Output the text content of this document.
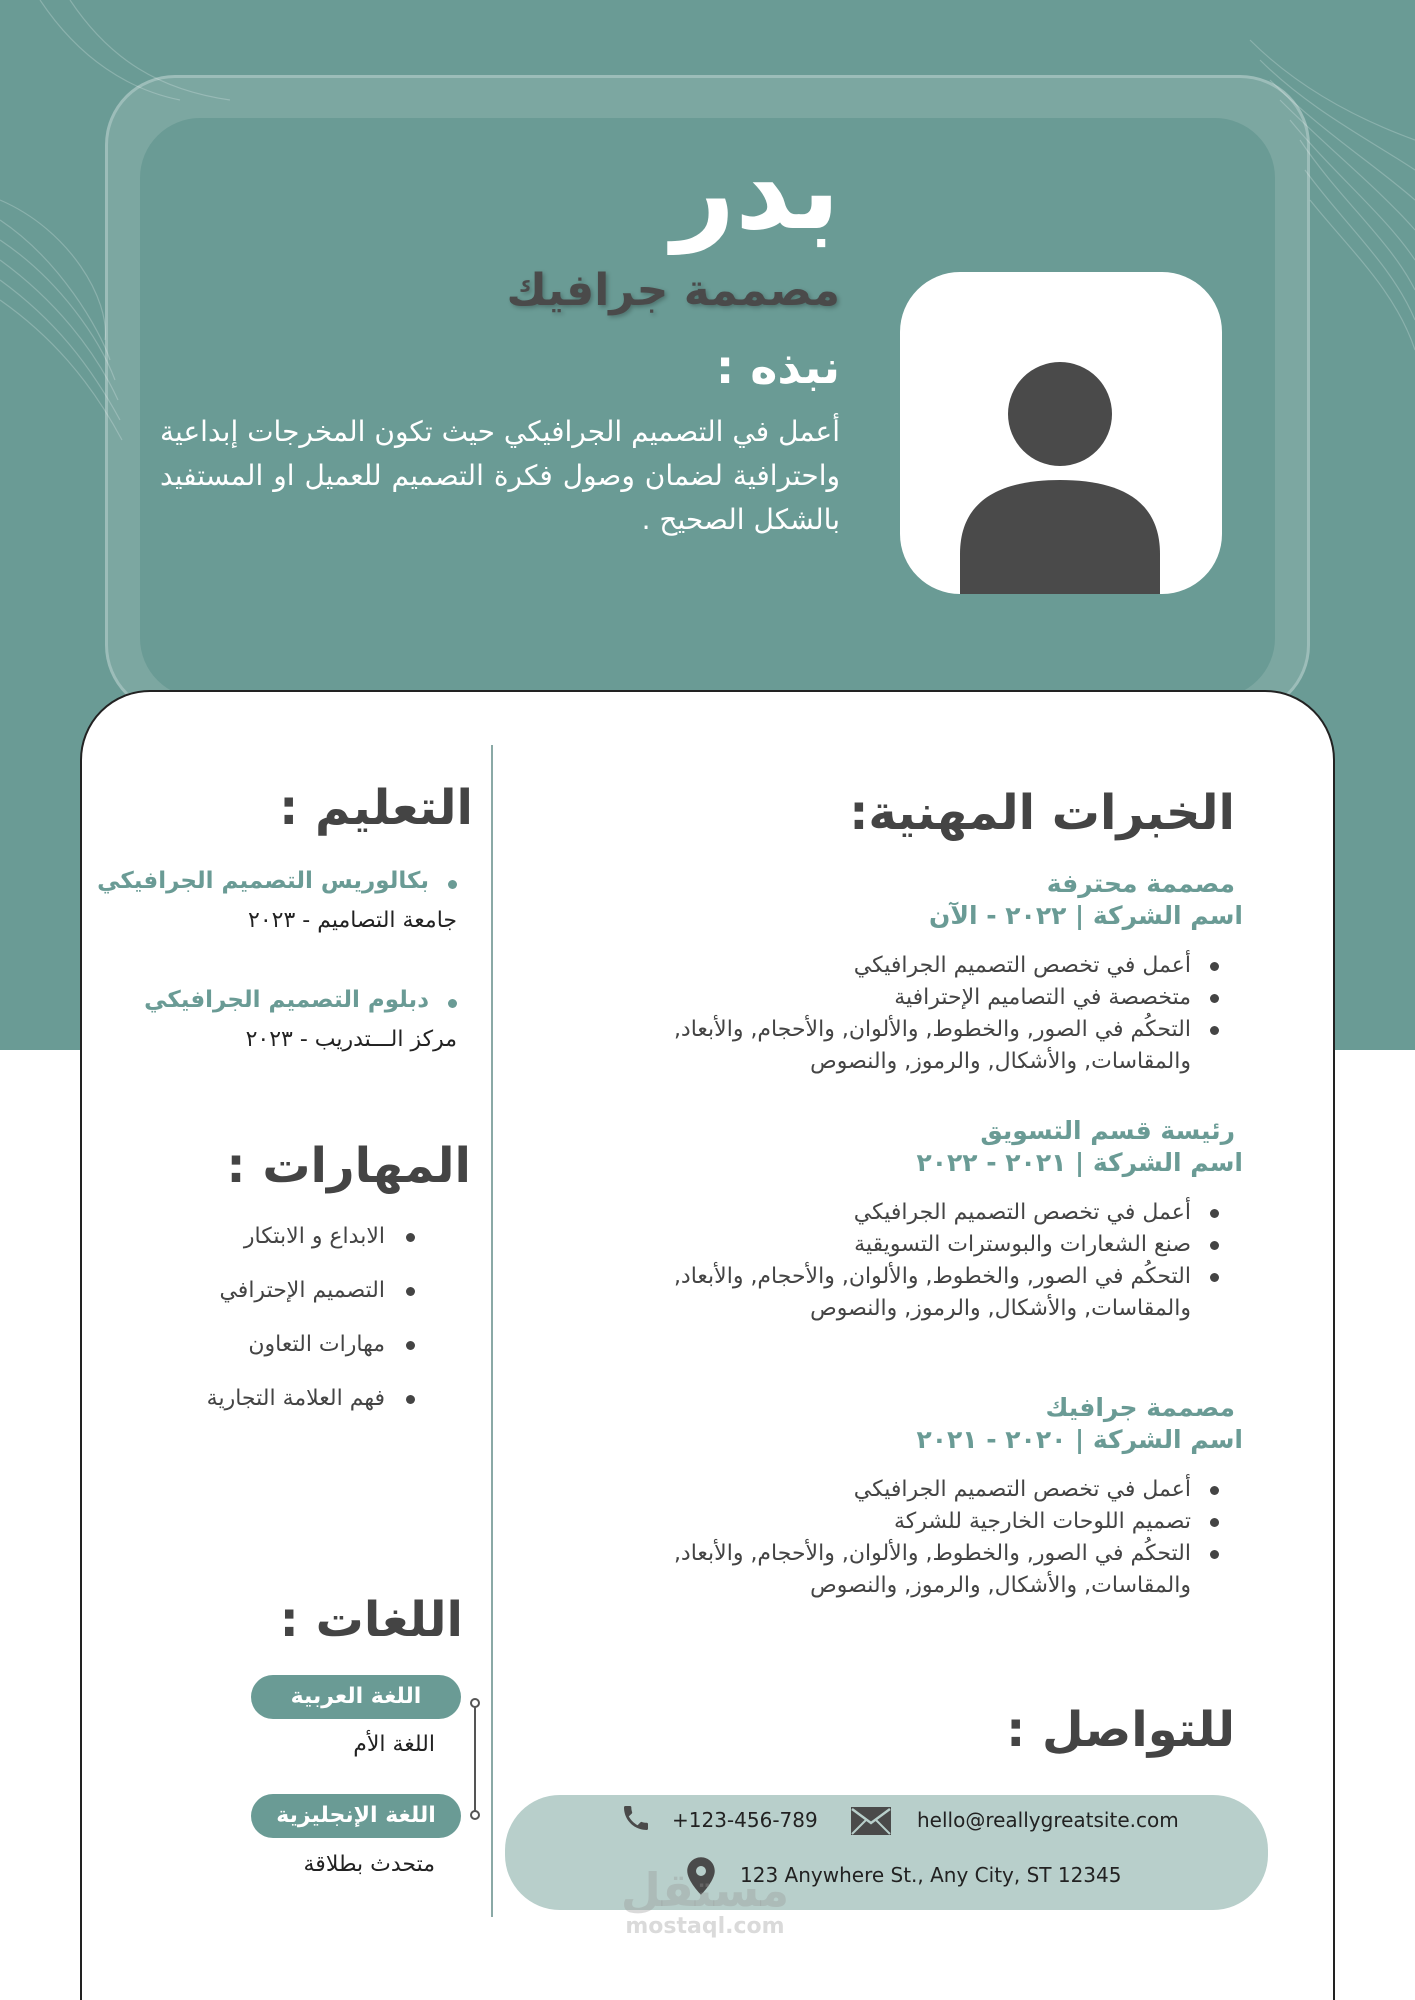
بدر
مصممة جرافيك
نبذه :
أعمل في التصميم الجرافيكي حيث تكون المخرجات إبداعية واحترافية لضمان وصول فكرة التصميم للعميل او المستفيد بالشكل الصحيح .
الخبرات المهنية:
مصممة محترفة
اسم الشركة | ٢٠٢٢ - الآن
أعمل في تخصص التصميم الجرافيكي
متخصصة في التصاميم الإحترافية
التحكُم في الصور, والخطوط, والألوان, والأحجام, والأبعاد, والمقاسات, والأشكال, والرموز, والنصوص
رئيسة قسم التسويق
اسم الشركة | ٢٠٢١ - ٢٠٢٢
أعمل في تخصص التصميم الجرافيكي
صنع الشعارات والبوسترات التسويقية
التحكُم في الصور, والخطوط, والألوان, والأحجام, والأبعاد, والمقاسات, والأشكال, والرموز, والنصوص
مصممة جرافيك
اسم الشركة | ٢٠٢٠ - ٢٠٢١
أعمل في تخصص التصميم الجرافيكي
تصميم اللوحات الخارجية للشركة
التحكُم في الصور, والخطوط, والألوان, والأحجام, والأبعاد, والمقاسات, والأشكال, والرموز, والنصوص
التعليم :
بكالوريس التصميم الجرافيكي
جامعة التصاميم - ٢٠٢٣
دبلوم التصميم الجرافيكي
مركز الـــتدريب - ٢٠٢٣
المهارات :
الابداع و الابتكار
التصميم الإحترافي
مهارات التعاون
فهم العلامة التجارية
اللغات :
اللغة العربية
اللغة الأم
اللغة الإنجليزية
متحدث بطلاقة
للتواصل :
+123-456-789	hello@reallygreatsite.com
123 Anywhere St., Any City, ST 12345
مستقل
mostaql.com
